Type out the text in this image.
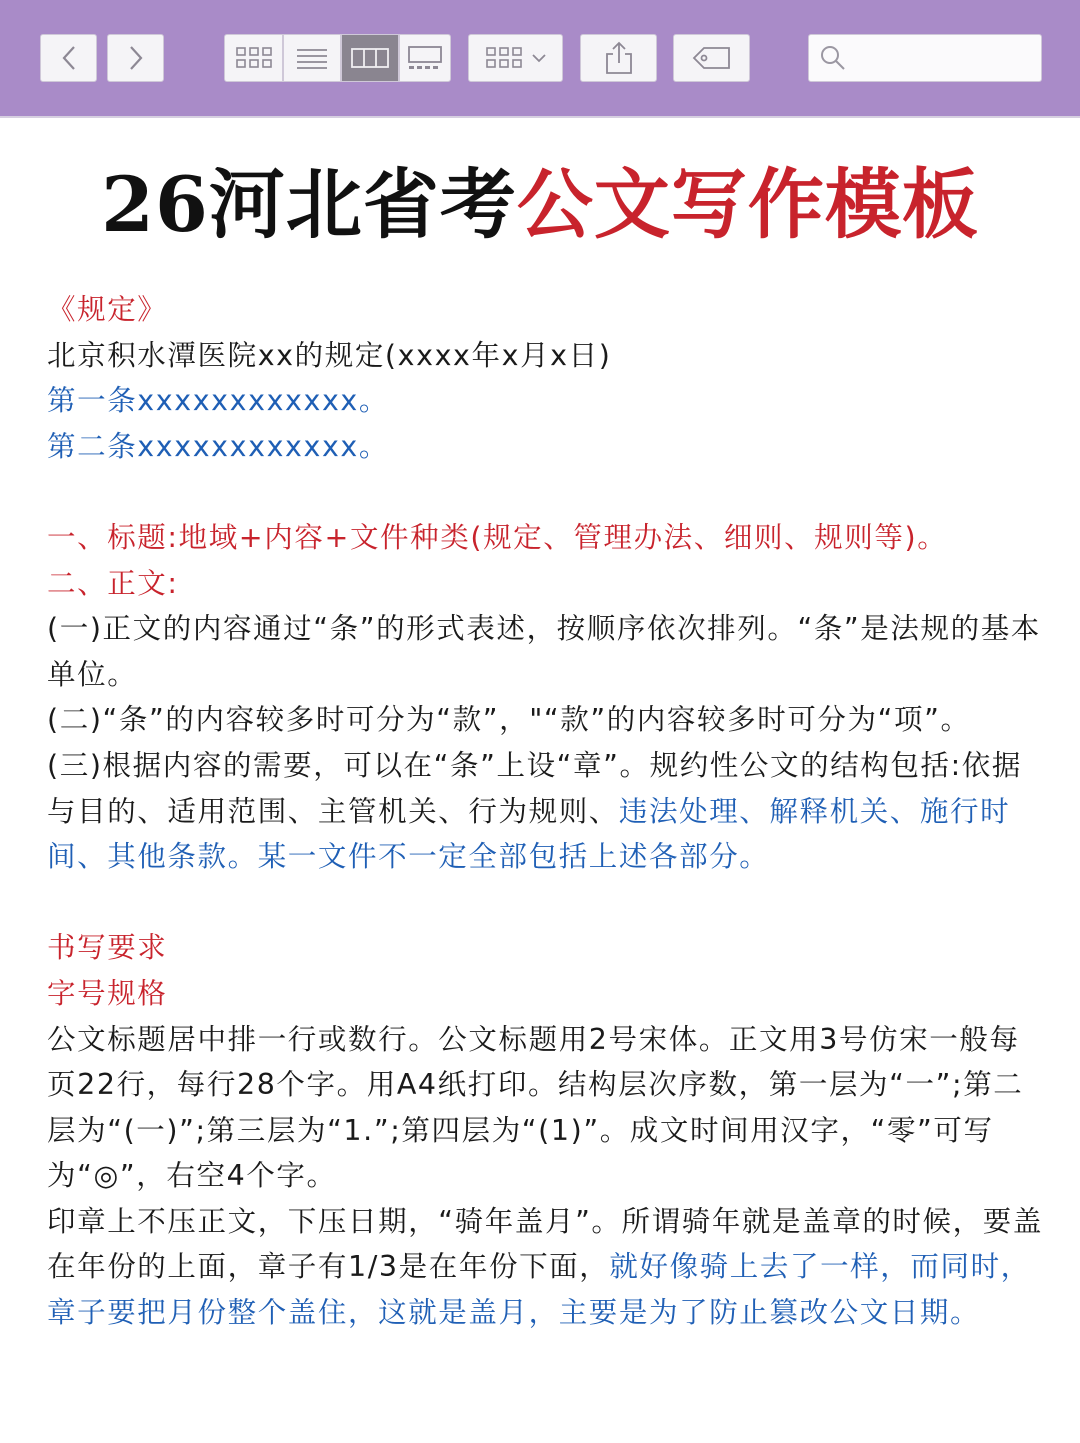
26河北省考公文写作模板

《规定》

北京积水潭医院xx的规定(xxxx年x月x日)

第一条xxxxxxxxxxxx。

第二条xxxxxxxxxxxx。

一、标题:地域+内容+文件种类(规定、管理办法、细则、规则等)。

二、正文:

(一)正文的内容通过“条”的形式表述，按顺序依次排列。“条”是法规的基本单位。

(二)“条”的内容较多时可分为“款”，"“款”的内容较多时可分为“项”。

(三)根据内容的需要，可以在“条”上设“章”。规约性公文的结构包括:依据与目的、适用范围、主管机关、行为规则、违法处理、解释机关、施行时间、其他条款。某一文件不一定全部包括上述各部分。

书写要求

字号规格

公文标题居中排一行或数行。公文标题用2号宋体。正文用3号仿宋一般每页22行，每行28个字。用A4纸打印。结构层次序数，第一层为“一”;第二层为“(一)”;第三层为“1.”;第四层为“(1)”。成文时间用汉字，“零”可写为“◎”，右空4个字。

印章上不压正文，下压日期，“骑年盖月”。所谓骑年就是盖章的时候，要盖在年份的上面，章子有1/3是在年份下面，就好像骑上去了一样，而同时，章子要把月份整个盖住，这就是盖月，主要是为了防止篡改公文日期。
